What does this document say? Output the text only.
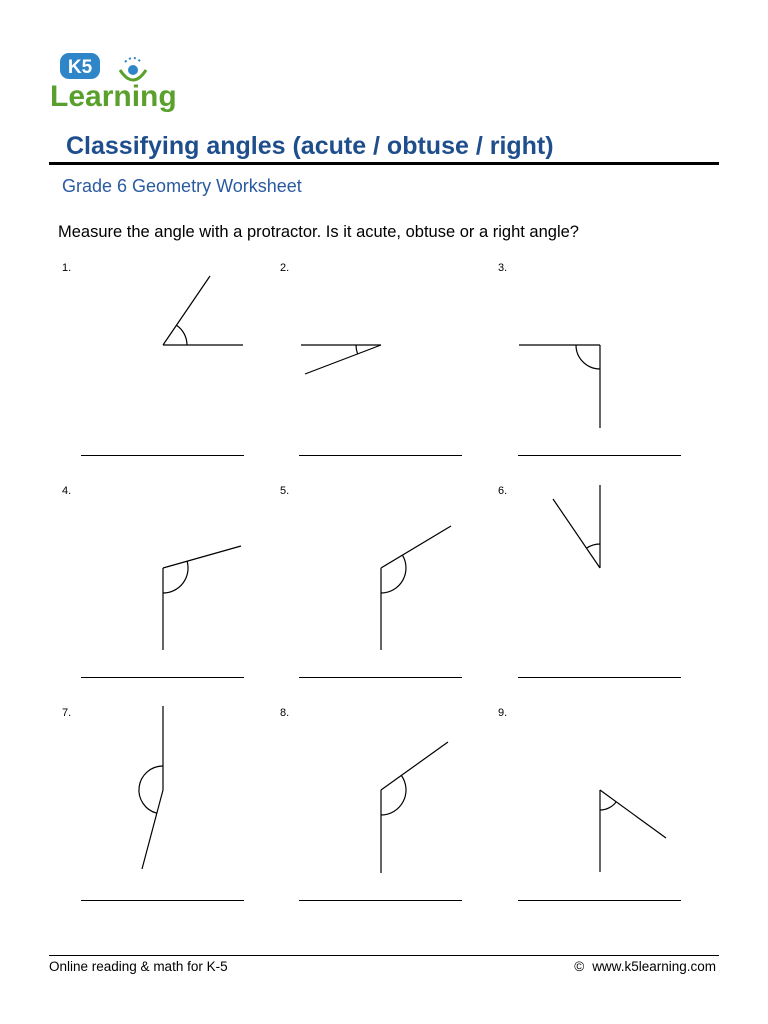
K5
Learning
Classifying angles (acute / obtuse / right)
Grade 6 Geometry Worksheet
Measure the angle with a protractor. Is it acute, obtuse or a right angle?
1.	2.	3.
4.	5.	6.
7.	8.	9.
Online reading & math for K-5	© www.k5learning.com
